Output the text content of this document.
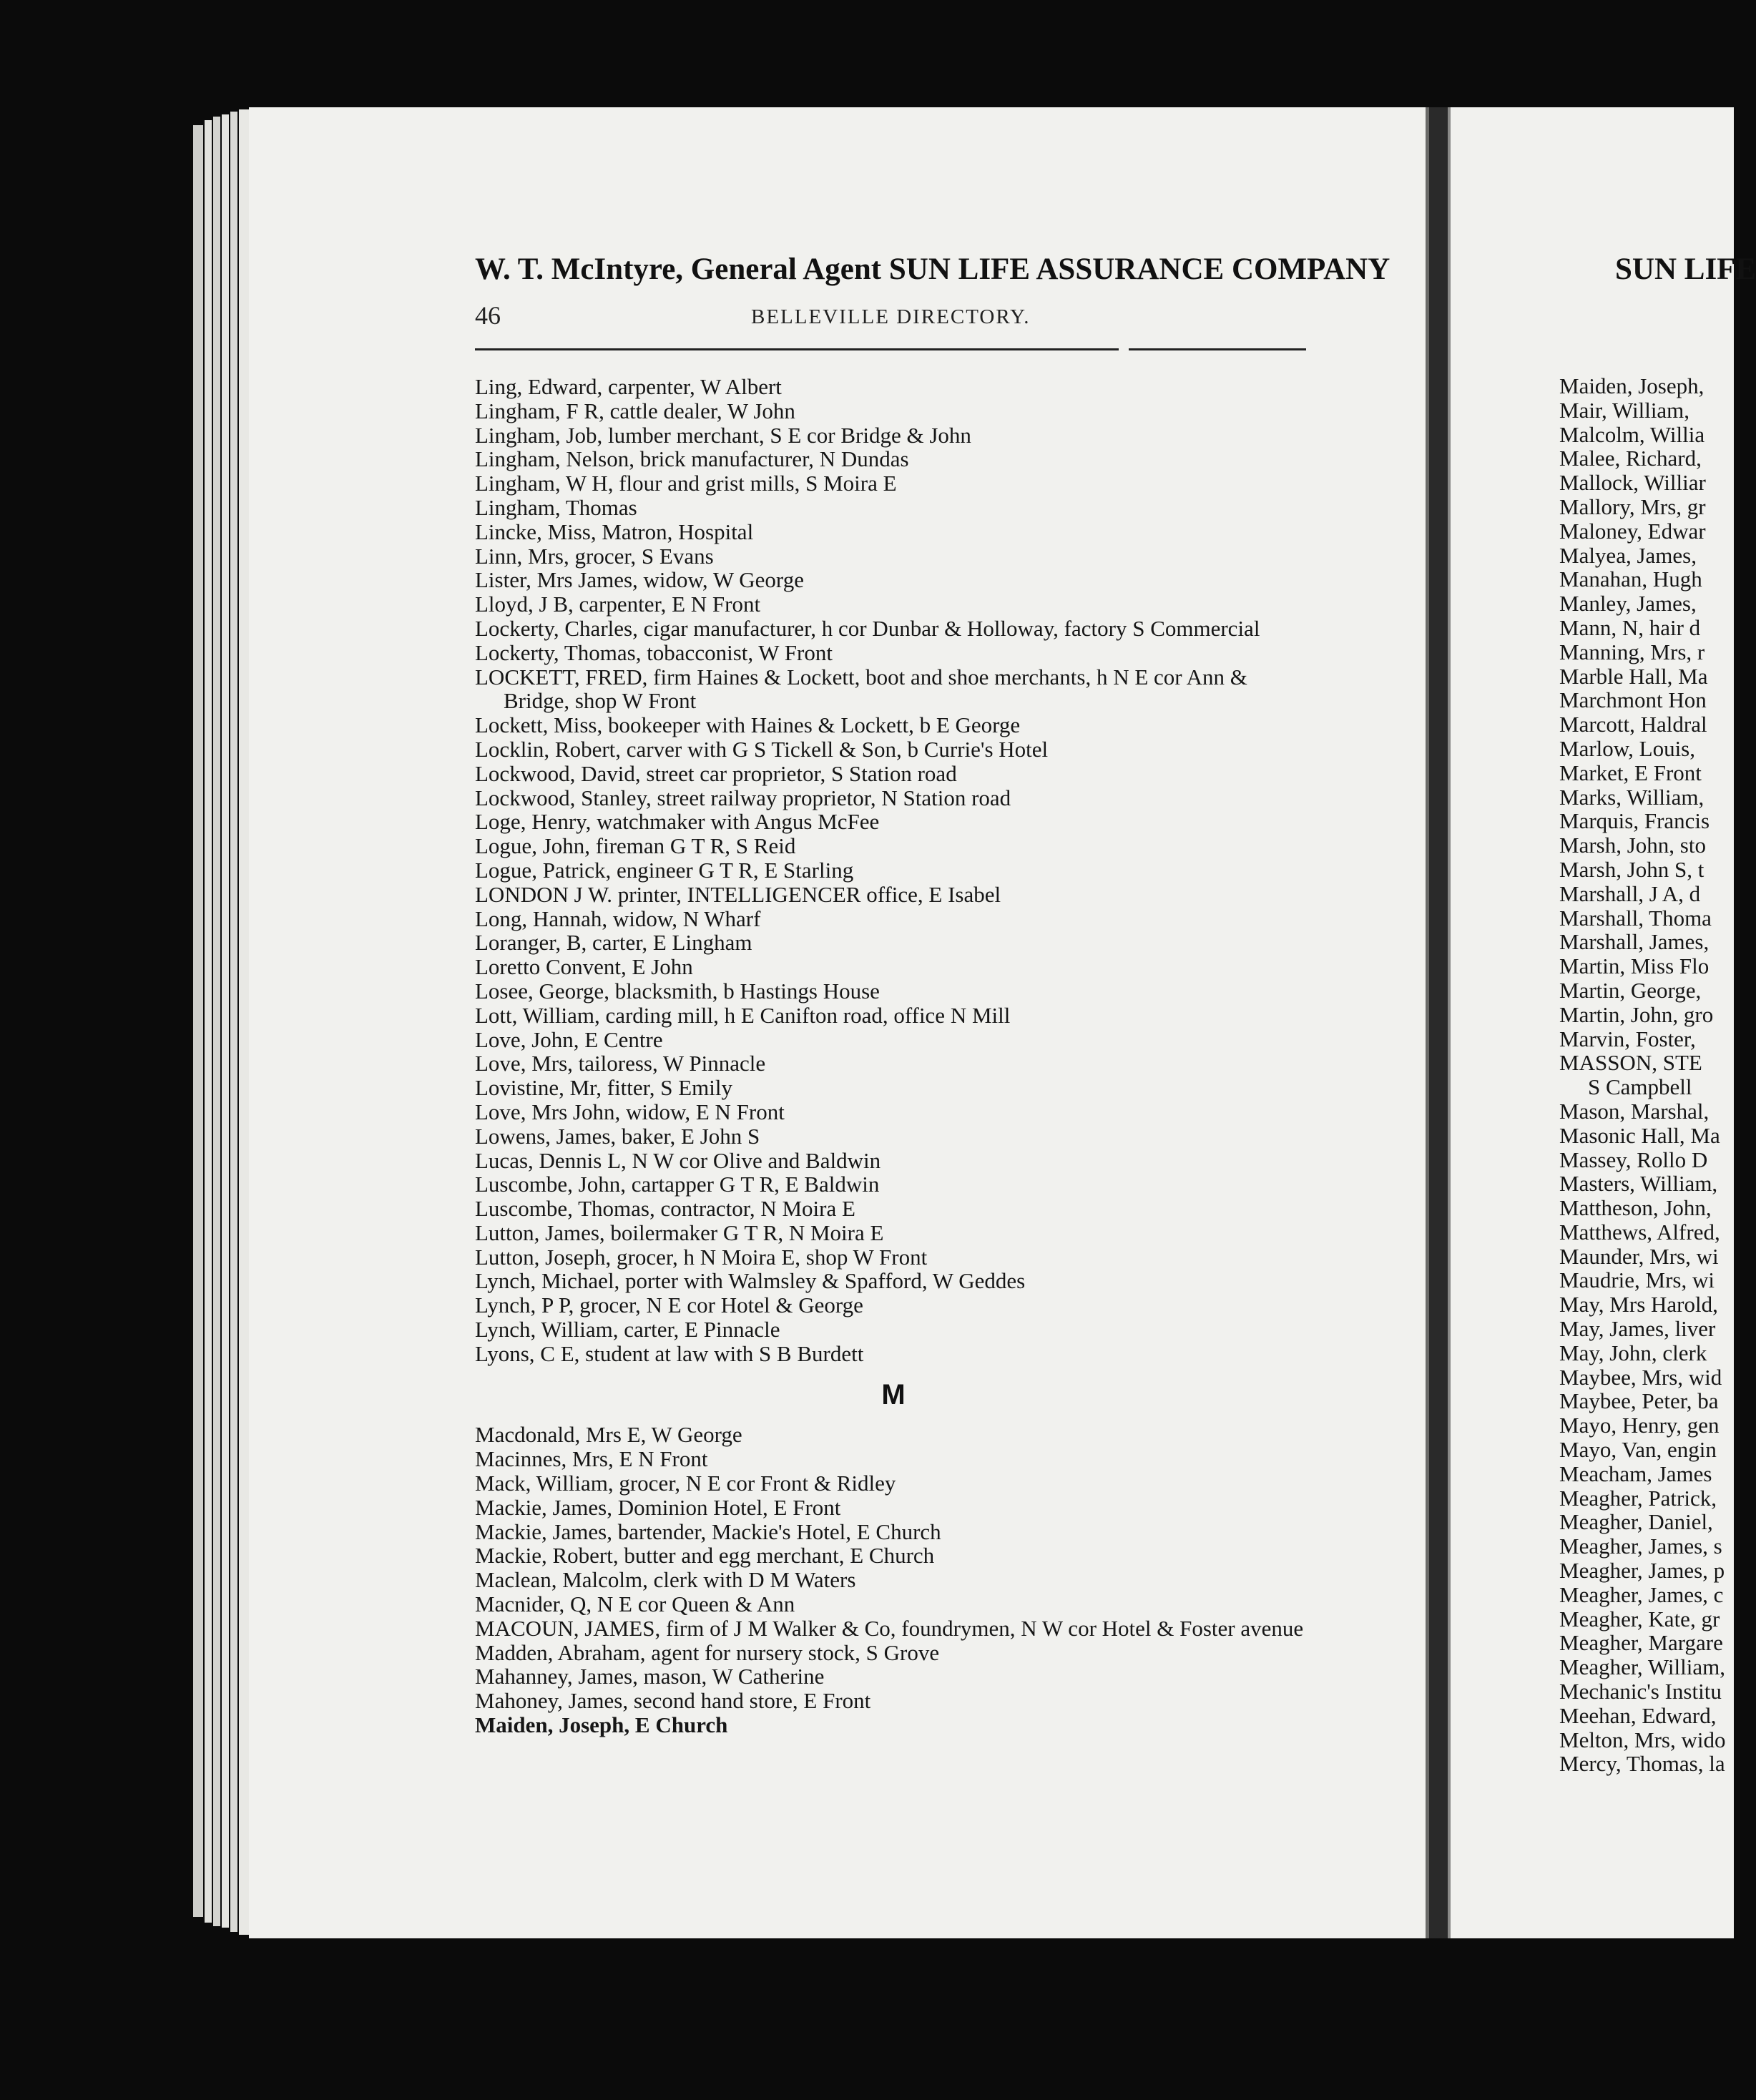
W. T. McIntyre, General Agent SUN LIFE ASSURANCE COMPANY
46	BELLEVILLE DIRECTORY.

Ling, Edward, carpenter, W Albert

Lingham, F R, cattle dealer, W John

Lingham, Job, lumber merchant, S E cor Bridge & John

Lingham, Nelson, brick manufacturer, N Dundas

Lingham, W H, flour and grist mills, S Moira E

Lingham, Thomas

Lincke, Miss, Matron, Hospital

Linn, Mrs, grocer, S Evans

Lister, Mrs James, widow, W George

Lloyd, J B, carpenter, E N Front

Lockerty, Charles, cigar manufacturer, h cor Dunbar & Holloway, factory S Commercial

Lockerty, Thomas, tobacconist, W Front

LOCKETT, FRED, firm Haines & Lockett, boot and shoe merchants, h N E cor Ann & Bridge, shop W Front

Lockett, Miss, bookeeper with Haines & Lockett, b E George

Locklin, Robert, carver with G S Tickell & Son, b Currie's Hotel

Lockwood, David, street car proprietor, S Station road

Lockwood, Stanley, street railway proprietor, N Station road

Loge, Henry, watchmaker with Angus McFee

Logue, John, fireman G T R, S Reid

Logue, Patrick, engineer G T R, E Starling

LONDON J W. printer, INTELLIGENCER office, E Isabel

Long, Hannah, widow, N Wharf

Loranger, B, carter, E Lingham

Loretto Convent, E John

Losee, George, blacksmith, b Hastings House

Lott, William, carding mill, h E Canifton road, office N Mill

Love, John, E Centre

Love, Mrs, tailoress, W Pinnacle

Lovistine, Mr, fitter, S Emily

Love, Mrs John, widow, E N Front

Lowens, James, baker, E John S

Lucas, Dennis L, N W cor Olive and Baldwin

Luscombe, John, cartapper G T R, E Baldwin

Luscombe, Thomas, contractor, N Moira E

Lutton, James, boilermaker G T R, N Moira E

Lutton, Joseph, grocer, h N Moira E, shop W Front

Lynch, Michael, porter with Walmsley & Spafford, W Geddes

Lynch, P P, grocer, N E cor Hotel & George

Lynch, William, carter, E Pinnacle

Lyons, C E, student at law with S B Burdett

M

Macdonald, Mrs E, W George

Macinnes, Mrs, E N Front

Mack, William, grocer, N E cor Front & Ridley

Mackie, James, Dominion Hotel, E Front

Mackie, James, bartender, Mackie's Hotel, E Church

Mackie, Robert, butter and egg merchant, E Church

Maclean, Malcolm, clerk with D M Waters

Macnider, Q, N E cor Queen & Ann

MACOUN, JAMES, firm of J M Walker & Co, foundrymen, N W cor Hotel & Foster avenue

Madden, Abraham, agent for nursery stock, S Grove

Mahanney, James, mason, W Catherine

Mahoney, James, second hand store, E Front

Maiden, Joseph, E Church

SUN LIFE
Maiden, Joseph,
Mair, William,
Malcolm, Willia
Malee, Richard,
Mallock, Williar
Mallory, Mrs, gr
Maloney, Edwar
Malyea, James,
Manahan, Hugh
Manley, James,
Mann, N, hair d
Manning, Mrs, r
Marble Hall, Ma
Marchmont Hon
Marcott, Haldral
Marlow, Louis,
Market, E Front
Marks, William,
Marquis, Francis
Marsh, John, sto
Marsh, John S, t
Marshall, J A, d
Marshall, Thoma
Marshall, James,
Martin, Miss Flo
Martin, George,
Martin, John, gro
Marvin, Foster,
MASSON, STE
S Campbell
Mason, Marshal,
Masonic Hall, Ma
Massey, Rollo D
Masters, William,
Mattheson, John,
Matthews, Alfred,
Maunder, Mrs, wi
Maudrie, Mrs, wi
May, Mrs Harold,
May, James, liver
May, John, clerk
Maybee, Mrs, wid
Maybee, Peter, ba
Mayo, Henry, gen
Mayo, Van, engin
Meacham, James
Meagher, Patrick,
Meagher, Daniel,
Meagher, James, s
Meagher, James, p
Meagher, James, c
Meagher, Kate, gr
Meagher, Margare
Meagher, William,
Mechanic's Institu
Meehan, Edward,
Melton, Mrs, wido
Mercy, Thomas, la
